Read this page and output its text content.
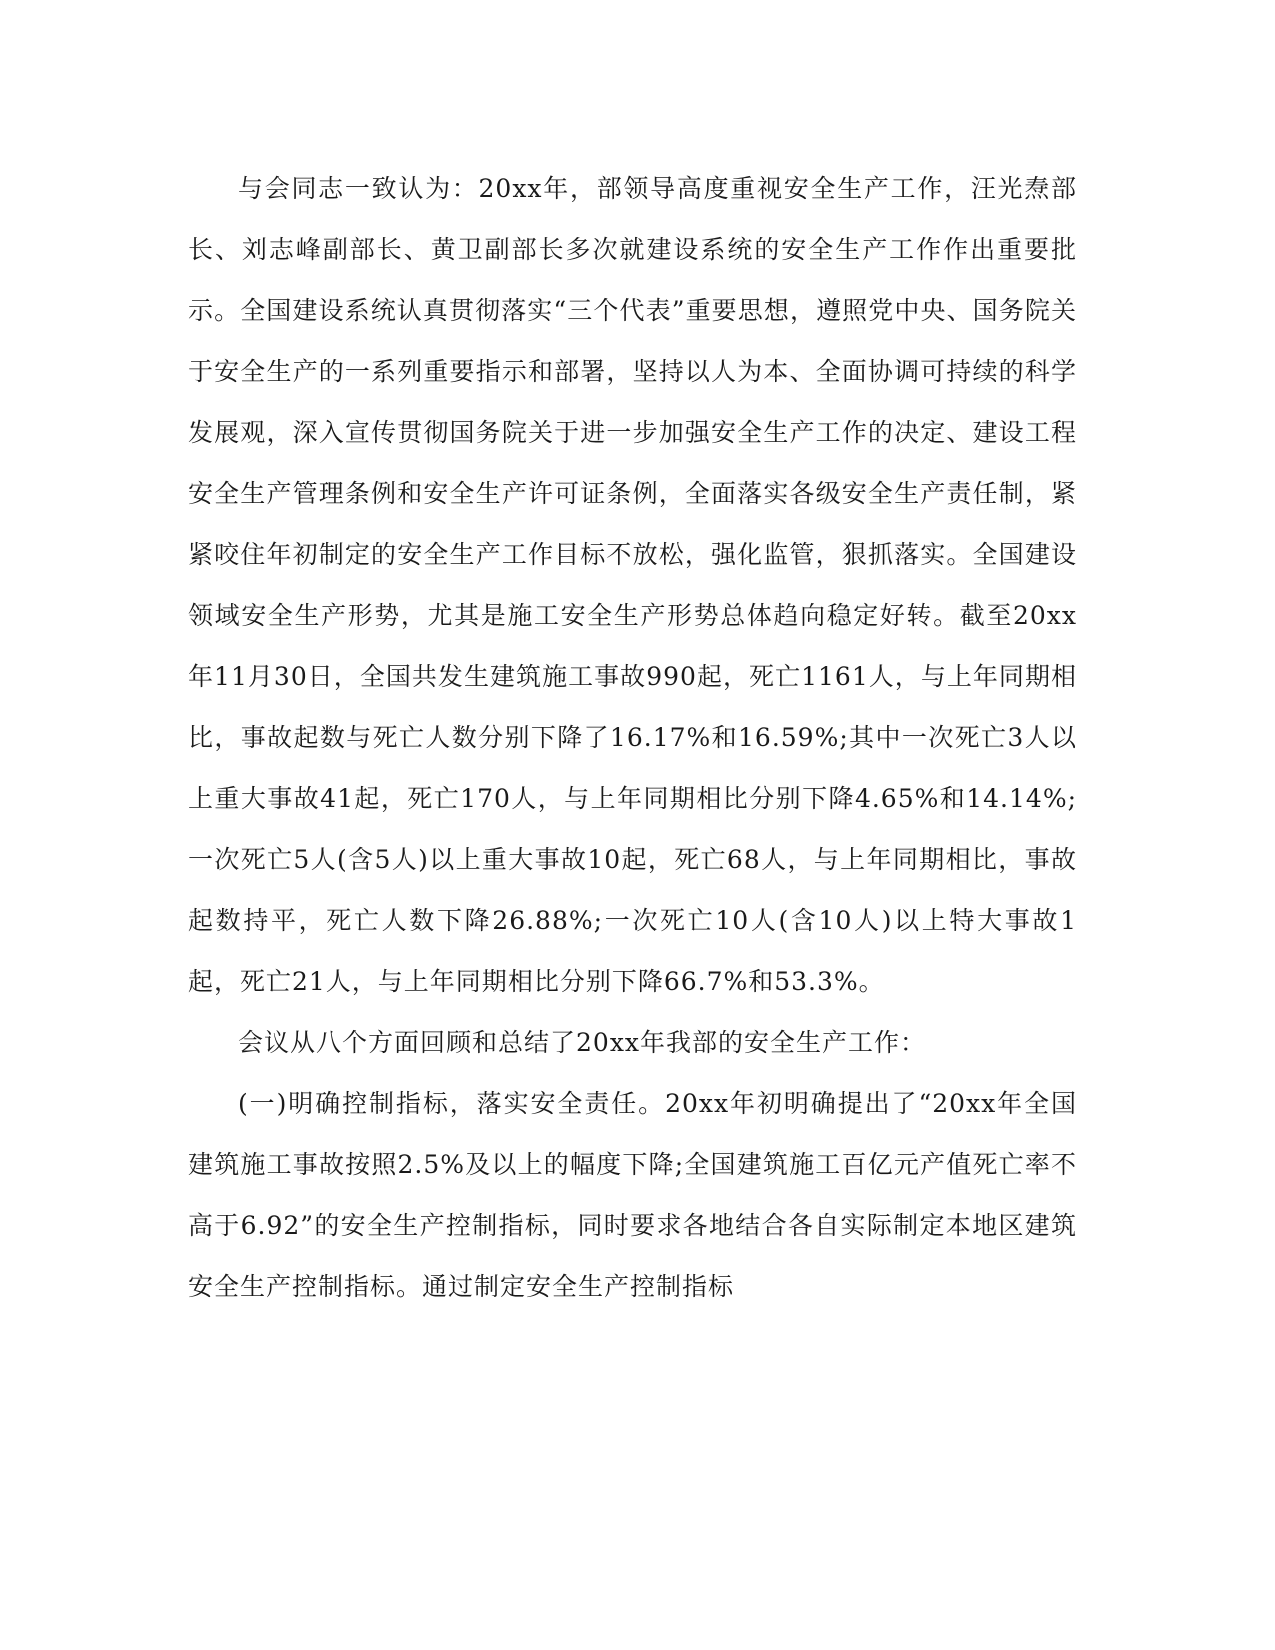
与会同志一致认为：20xx年，部领导高度重视安全生产工作，汪光焘部长、刘志峰副部长、黄卫副部长多次就建设系统的安全生产工作作出重要批示。全国建设系统认真贯彻落实“三个代表”重要思想，遵照党中央、国务院关于安全生产的一系列重要指示和部署，坚持以人为本、全面协调可持续的科学发展观，深入宣传贯彻国务院关于进一步加强安全生产工作的决定、建设工程安全生产管理条例和安全生产许可证条例，全面落实各级安全生产责任制，紧紧咬住年初制定的安全生产工作目标不放松，强化监管，狠抓落实。全国建设领域安全生产形势，尤其是施工安全生产形势总体趋向稳定好转。截至20xx年11月30日，全国共发生建筑施工事故990起，死亡1161人，与上年同期相比，事故起数与死亡人数分别下降了16.17%和16.59%;其中一次死亡3人以上重大事故41起，死亡170人，与上年同期相比分别下降4.65%和14.14%;一次死亡5人(含5人)以上重大事故10起，死亡68人，与上年同期相比，事故起数持平，死亡人数下降26.88%;一次死亡10人(含10人)以上特大事故1起，死亡21人，与上年同期相比分别下降66.7%和53.3%。

会议从八个方面回顾和总结了20xx年我部的安全生产工作：

(一)明确控制指标，落实安全责任。20xx年初明确提出了“20xx年全国建筑施工事故按照2.5%及以上的幅度下降;全国建筑施工百亿元产值死亡率不高于6.92”的安全生产控制指标，同时要求各地结合各自实际制定本地区建筑安全生产控制指标。通过制定安全生产控制指标
